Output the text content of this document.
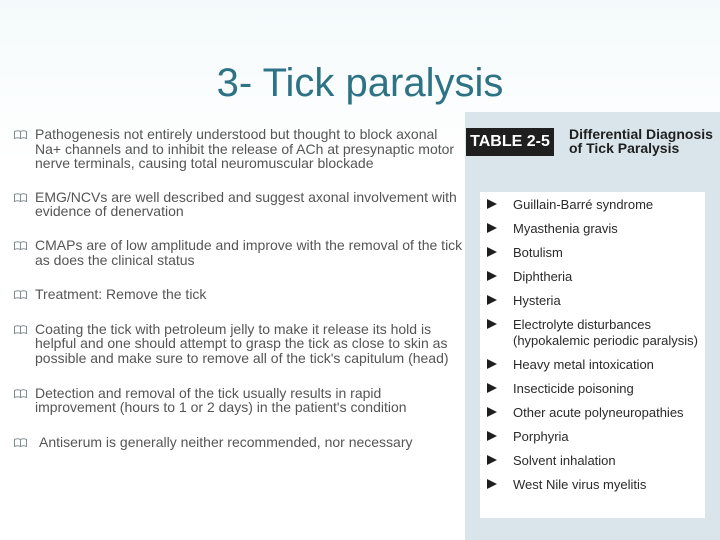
3- Tick paralysis
Pathogenesis not entirely understood but thought to block axonal Na+ channels and to inhibit the release of ACh at presynaptic motor nerve terminals, causing total neuromuscular blockade
EMG/NCVs are well described and suggest axonal involvement with evidence of denervation
CMAPs are of low amplitude and improve with the removal of the tick as does the clinical status
Treatment: Remove the tick
Coating the tick with petroleum jelly to make it release its hold is helpful and one should attempt to grasp the tick as close to skin as possible and make sure to remove all of the tick's capitulum (head)
Detection and removal of the tick usually results in rapid improvement (hours to 1 or 2 days) in the patient's condition
Antiserum is generally neither recommended, nor necessary
TABLE 2-5 Differential Diagnosis of Tick Paralysis
Guillain-Barré syndrome
Myasthenia gravis
Botulism
Diphtheria
Hysteria
Electrolyte disturbances (hypokalemic periodic paralysis)
Heavy metal intoxication
Insecticide poisoning
Other acute polyneuropathies
Porphyria
Solvent inhalation
West Nile virus myelitis
